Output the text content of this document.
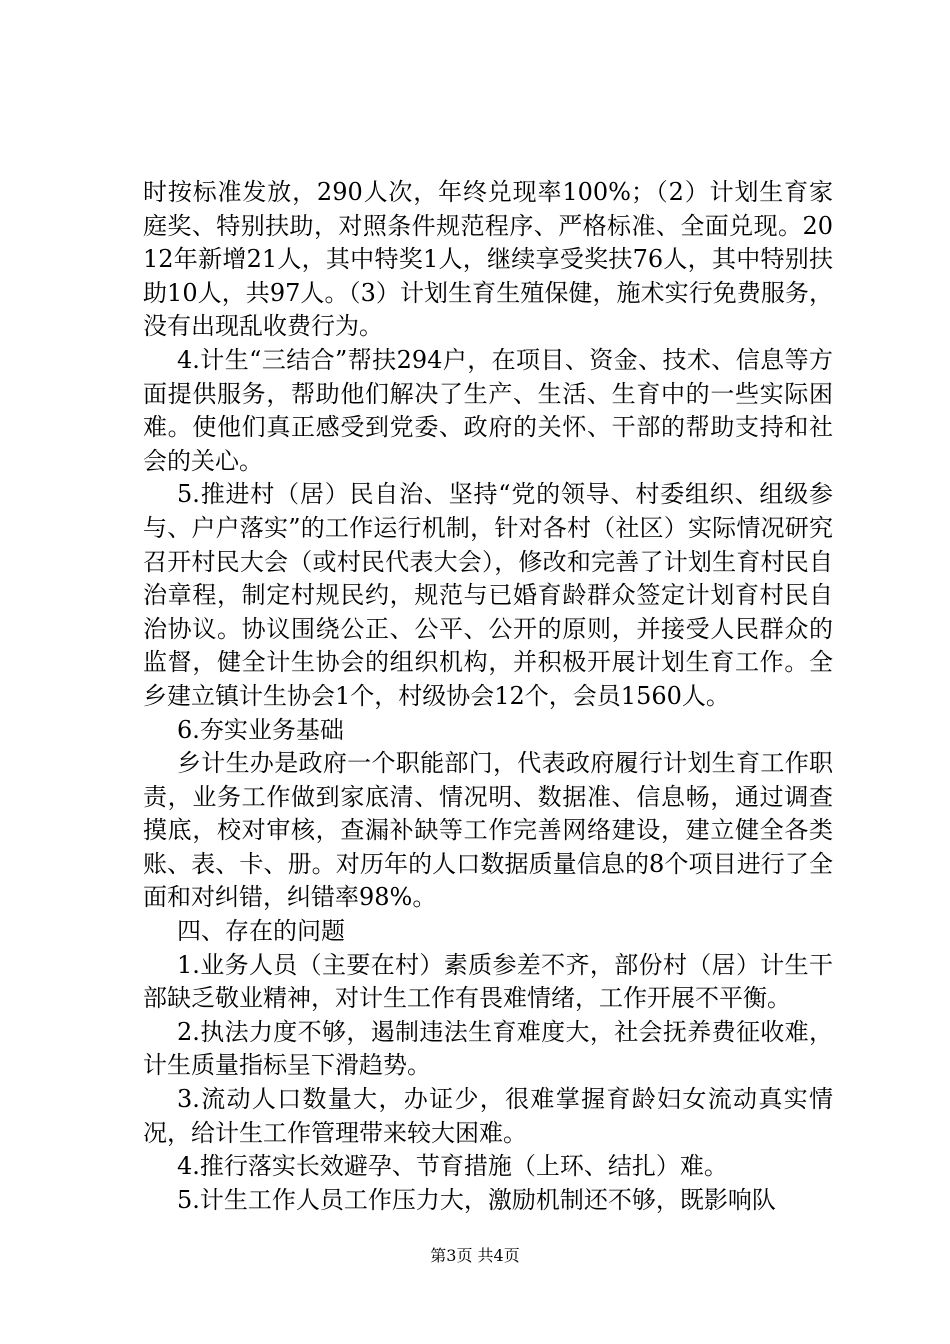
时按标准发放，290人次，年终兑现率100%；（2）计划生育家庭奖、特别扶助，对照条件规范程序、严格标准、全面兑现。2012年新增21人，其中特奖1人，继续享受奖扶76人，其中特别扶助10人，共97人。（3）计划生育生殖保健，施术实行免费服务，没有出现乱收费行为。

4.计生“三结合”帮扶294户，在项目、资金、技术、信息等方面提供服务，帮助他们解决了生产、生活、生育中的一些实际困难。使他们真正感受到党委、政府的关怀、干部的帮助支持和社会的关心。

5.推进村（居）民自治、坚持“党的领导、村委组织、组级参与、户户落实”的工作运行机制，针对各村（社区）实际情况研究召开村民大会（或村民代表大会），修改和完善了计划生育村民自治章程，制定村规民约，规范与已婚育龄群众签定计划育村民自治协议。协议围绕公正、公平、公开的原则，并接受人民群众的监督，健全计生协会的组织机构，并积极开展计划生育工作。全乡建立镇计生协会1个，村级协会12个，会员1560人。

6.夯实业务基础

乡计生办是政府一个职能部门，代表政府履行计划生育工作职责，业务工作做到家底清、情况明、数据准、信息畅，通过调查摸底，校对审核，查漏补缺等工作完善网络建设，建立健全各类账、表、卡、册。对历年的人口数据质量信息的8个项目进行了全面和对纠错，纠错率98%。

四、存在的问题

1.业务人员（主要在村）素质参差不齐，部份村（居）计生干部缺乏敬业精神，对计生工作有畏难情绪，工作开展不平衡。

2.执法力度不够，遏制违法生育难度大，社会抚养费征收难，计生质量指标呈下滑趋势。

3.流动人口数量大，办证少，很难掌握育龄妇女流动真实情况，给计生工作管理带来较大困难。

4.推行落实长效避孕、节育措施（上环、结扎）难。

5.计生工作人员工作压力大，激励机制还不够，既影响队

第3页 共4页
